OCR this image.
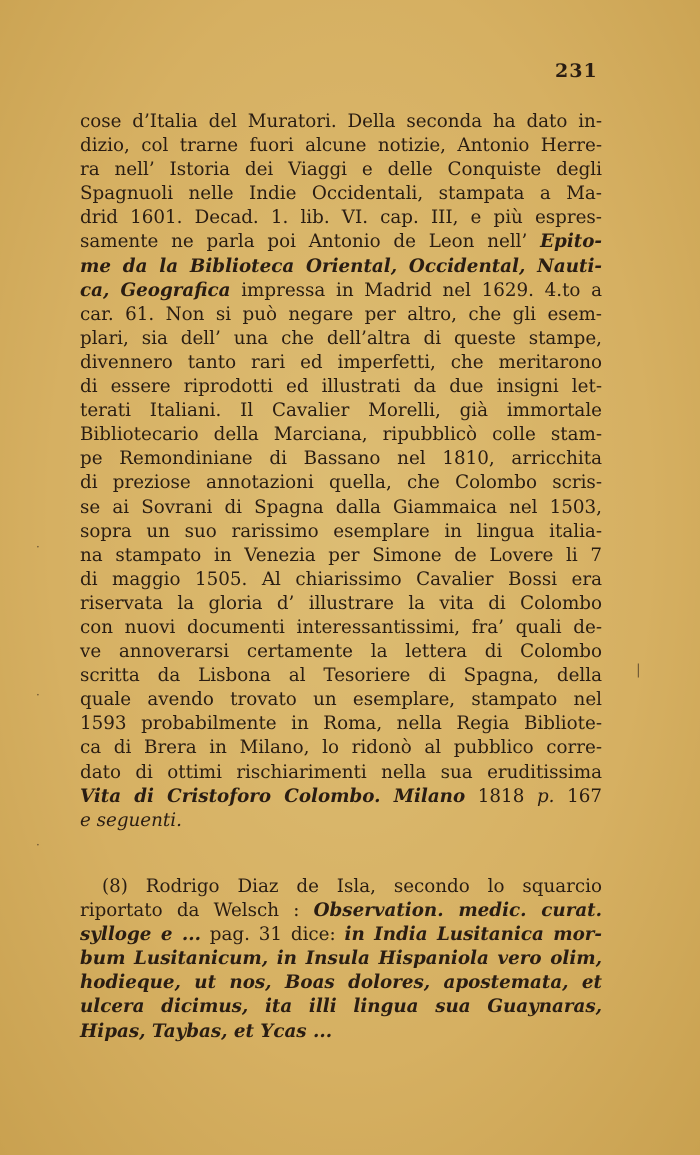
231
cose d’Italia del Muratori. Della seconda ha dato in-
dizio, col trarne fuori alcune notizie, Antonio Herre-
ra nell’ Istoria dei Viaggi e delle Conquiste degli
Spagnuoli nelle Indie Occidentali, stampata a Ma-
drid 1601. Decad. 1. lib. VI. cap. III, e più espres-
samente ne parla poi Antonio de Leon nell’ Epito-
me da la Biblioteca Oriental, Occidental, Nauti-
ca, Geografica impressa in Madrid nel 1629. 4.to a
car. 61. Non si può negare per altro, che gli esem-
plari, sia dell’ una che dell’altra di queste stampe,
divennero tanto rari ed imperfetti, che meritarono
di essere riprodotti ed illustrati da due insigni let-
terati Italiani. Il Cavalier Morelli, già immortale
Bibliotecario della Marciana, ripubblicò colle stam-
pe Remondiniane di Bassano nel 1810, arricchita
di preziose annotazioni quella, che Colombo scris-
se ai Sovrani di Spagna dalla Giammaica nel 1503,
sopra un suo rarissimo esemplare in lingua italia-
na stampato in Venezia per Simone de Lovere li 7
di maggio 1505. Al chiarissimo Cavalier Bossi era
riservata la gloria d’ illustrare la vita di Colombo
con nuovi documenti interessantissimi, fra’ quali de-
ve annoverarsi certamente la lettera di Colombo
scritta da Lisbona al Tesoriere di Spagna, della
quale avendo trovato un esemplare, stampato nel
1593 probabilmente in Roma, nella Regia Bibliote-
ca di Brera in Milano, lo ridonò al pubblico corre-
dato di ottimi rischiarimenti nella sua eruditissima
Vita di Cristoforo Colombo. Milano 1818 p. 167
e seguenti.
(8) Rodrigo Diaz de Isla, secondo lo squarcio
riportato da Welsch : Observation. medic. curat.
sylloge e ... pag. 31 dice: in India Lusitanica mor-
bum Lusitanicum, in Insula Hispaniola vero olim,
hodieque, ut nos, Boas dolores, apostemata, et
ulcera dicimus, ita illi lingua sua Guaynaras,
Hipas, Taybas, et Ycas ...
·
·
·
|
